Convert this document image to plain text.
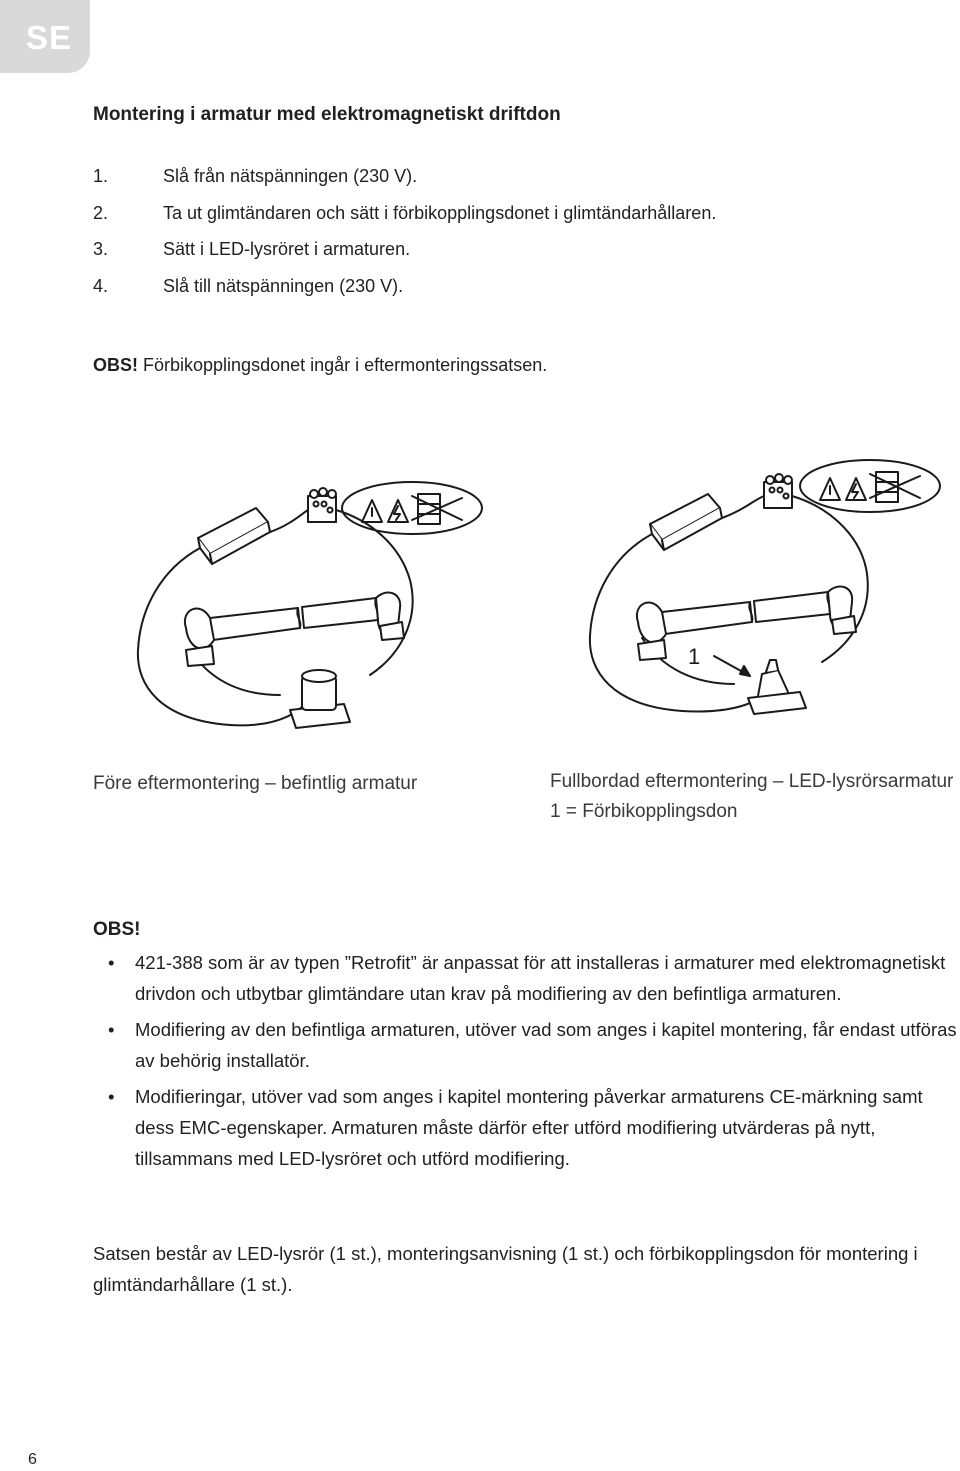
SE
Montering i armatur med elektromagnetiskt driftdon
1.	Slå från nätspänningen (230 V).
2.	Ta ut glimtändaren och sätt i förbikopplingsdonet i glimtändarhållaren.
3.	Sätt i LED-lysröret i armaturen.
4.	Slå till nätspänningen (230 V).
OBS! Förbikopplingsdonet ingår i eftermonteringssatsen.
1
Före eftermontering – befintlig armatur	Fullbordad eftermontering – LED-lysrörsarmatur
1 = Förbikopplingsdon
OBS!
• 421-388 som är av typen ”Retrofit” är anpassat för att installeras i armaturer med elektromagnetiskt drivdon och utbytbar glimtändare utan krav på modifiering av den befintliga armaturen.
• Modifiering av den befintliga armaturen, utöver vad som anges i kapitel montering, får endast utföras av behörig installatör.
• Modifieringar, utöver vad som anges i kapitel montering påverkar armaturens CE-märkning samt dess EMC-egenskaper. Armaturen måste därför efter utförd modifiering utvärderas på nytt, tillsammans med LED-lysröret och utförd modifiering.
Satsen består av LED-lysrör (1 st.), monteringsanvisning (1 st.) och förbikopplingsdon för montering i glimtändarhållare (1 st.).
6
